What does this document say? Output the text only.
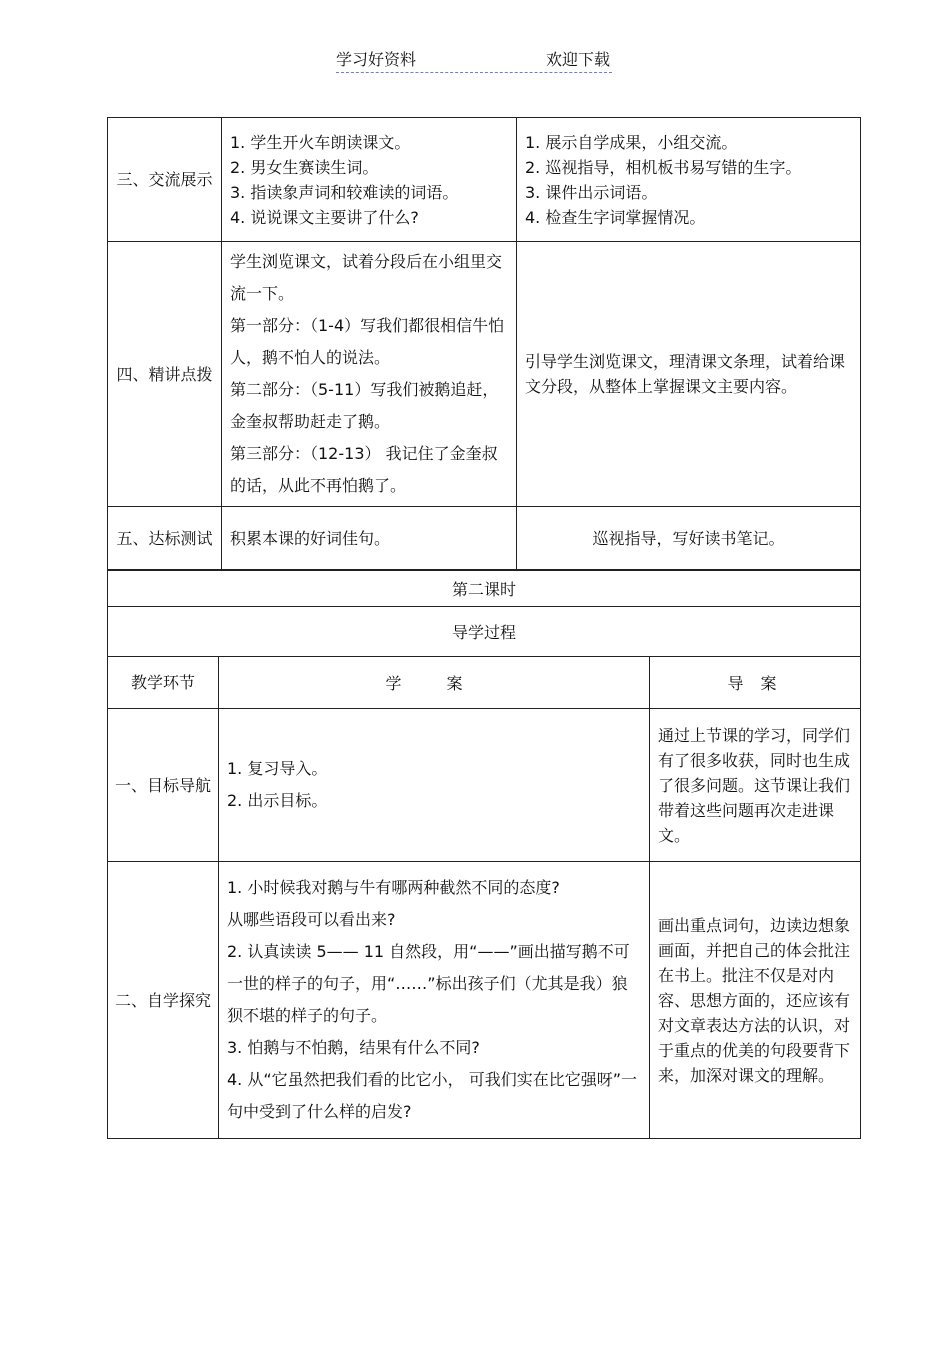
学习好资料	欢迎下载
三、交流展示	1. 学生开火车朗读课文。
2. 男女生赛读生词。
3. 指读象声词和较难读的词语。
4. 说说课文主要讲了什么?	1. 展示自学成果，小组交流。
2. 巡视指导，相机板书易写错的生字。
3. 课件出示词语。
4. 检查生字词掌握情况。

四、精讲点拨	学生浏览课文，试着分段后在小组里交流一下。
第一部分：（1-4）写我们都很相信牛怕人，鹅不怕人的说法。
第二部分：（5-11）写我们被鹅追赶，金奎叔帮助赶走了鹅。
第三部分：（12-13） 我记住了金奎叔的话，从此不再怕鹅了。	引导学生浏览课文，理清课文条理，试着给课文分段，从整体上掌握课文主要内容。

五、达标测试	积累本课的好词佳句。	巡视指导，写好读书笔记。
第二课时		
导学过程		
教学环节	学 案	导 案
一、目标导航	1. 复习导入。
2. 出示目标。	通过上节课的学习，同学们有了很多收获，同时也生成了很多问题。这节课让我们带着这些问题再次走进课文。

二、自学探究	1. 小时候我对鹅与牛有哪两种截然不同的态度?
从哪些语段可以看出来?
2. 认真读读 5—— 11 自然段，用“——”画出描写鹅不可一世的样子的句子，用“……”标出孩子们（尤其是我）狼狈不堪的样子的句子。
3. 怕鹅与不怕鹅，结果有什么不同?
4. 从“它虽然把我们看的比它小， 可我们实在比它强呀”一句中受到了什么样的启发?	画出重点词句，边读边想象画面，并把自己的体会批注在书上。批注不仅是对内容、思想方面的，还应该有对文章表达方法的认识，对于重点的优美的句段要背下来，加深对课文的理解。
